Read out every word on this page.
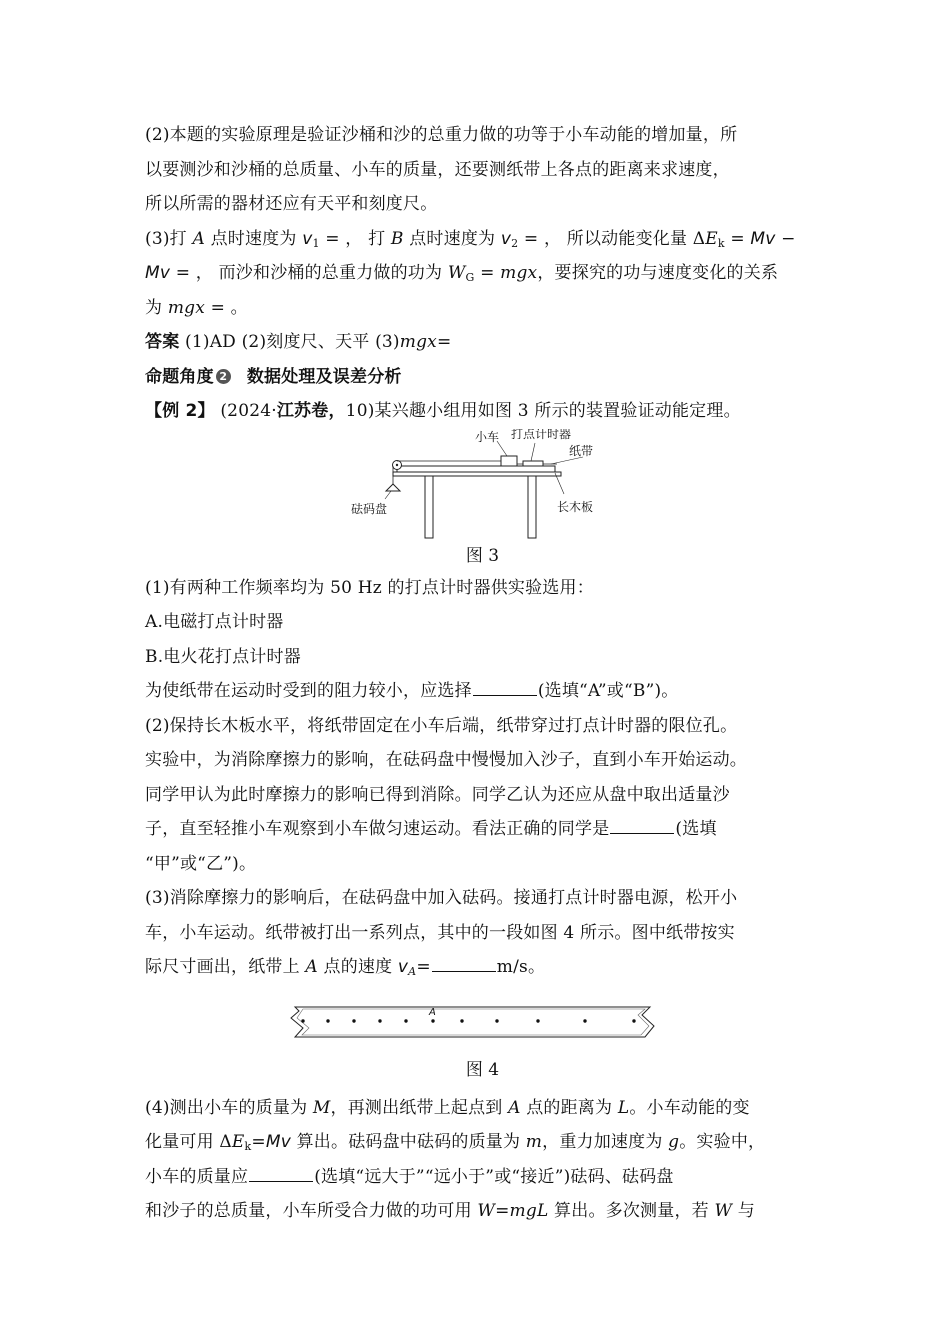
(2)本题的实验原理是验证沙桶和沙的总重力做的功等于小车动能的增加量，所
以要测沙和沙桶的总质量、小车的质量，还要测纸带上各点的距离来求速度，
所以所需的器材还应有天平和刻度尺。
(3)打 A 点时速度为 $v_1$ = ， 打 B 点时速度为 $v_2$ = ， 所以动能变化量 $\Delta E_k = Mv$ −
Mv = ， 而沙和沙桶的总重力做的功为 $W_G$ = mgx，要探究的功与速度变化的关系
为 mgx = 。
答案 (1)AD (2)刻度尺、天平 (3)mgx=
命题角度 2 数据处理及误差分析
【例 2】 (2024·江苏卷，10)某兴趣小组用如图 3 所示的装置验证动能定理。
小车 打点计时器
纸带
砝码盘	长木板
图 3
(1)有两种工作频率均为 50 Hz 的打点计时器供实验选用：
A.电磁打点计时器
B.电火花打点计时器
为使纸带在运动时受到的阻力较小，应选择	(选填“A”或“B”)。
(2)保持长木板水平，将纸带固定在小车后端，纸带穿过打点计时器的限位孔。
实验中，为消除摩擦力的影响，在砝码盘中慢慢加入沙子，直到小车开始运动。
同学甲认为此时摩擦力的影响已得到消除。同学乙认为还应从盘中取出适量沙
子，直至轻推小车观察到小车做匀速运动。看法正确的同学是	(选填
“甲”或“乙”)。
(3)消除摩擦力的影响后，在砝码盘中加入砝码。接通打点计时器电源，松开小
车，小车运动。纸带被打出一系列点，其中的一段如图 4 所示。图中纸带按实
际尺寸画出，纸带上 A 点的速度 $v_A=$	m/s。
A
图 4
(4)测出小车的质量为 M，再测出纸带上起点到 A 点的距离为 L。小车动能的变
化量可用 $\Delta E_k=Mv$ 算出。砝码盘中砝码的质量为 m，重力加速度为 g。实验中，
小车的质量应	(选填“远大于”“远小于”或“接近”)砝码、砝码盘
和沙子的总质量，小车所受合力做的功可用 W=mgL 算出。多次测量，若 W 与
